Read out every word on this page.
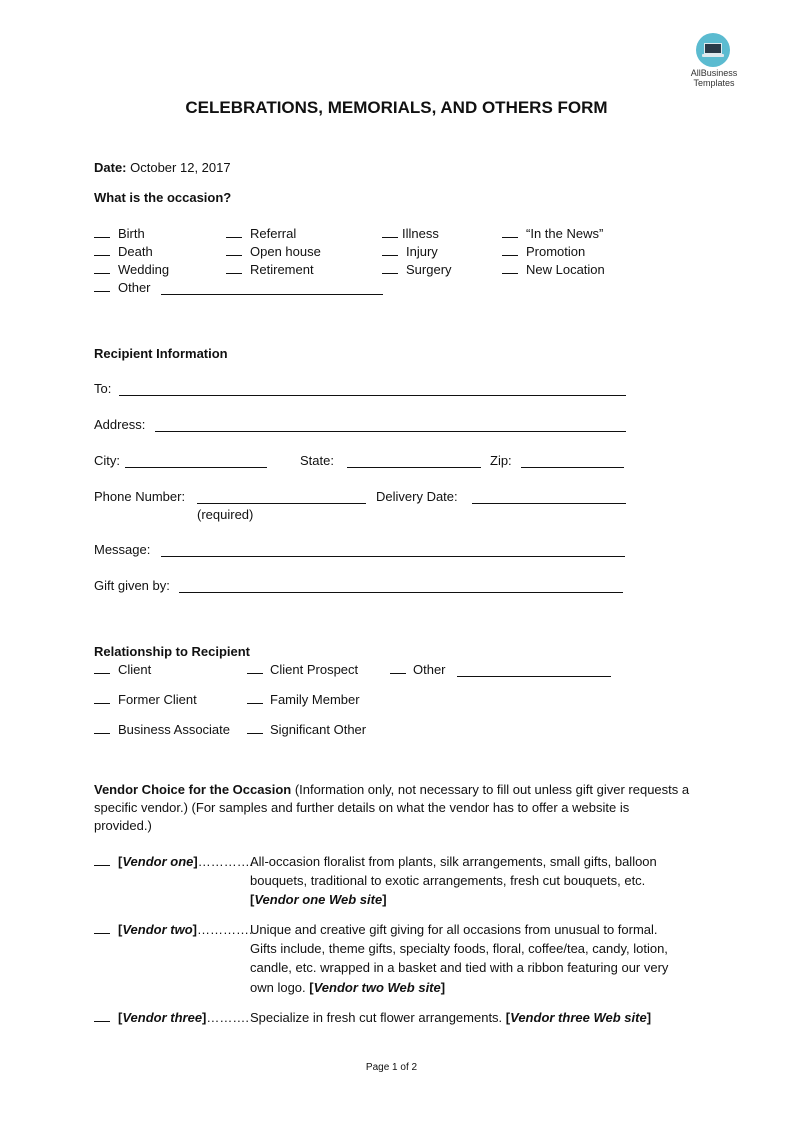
AllBusiness
Templates
CELEBRATIONS, MEMORIALS, AND OTHERS FORM
Date: October 12, 2017
What is the occasion?
Birth
Death
Wedding
Other
Referral
Open house
Retirement
Illness
Injury
Surgery
“In the News”
Promotion
New Location
Recipient Information
To:
Address:
City:	State:	Zip:
Phone Number:
(required)
Delivery Date:
Message:
Gift given by:
Relationship to Recipient
Client
Former Client
Business Associate
Client Prospect
Family Member
Significant Other
Other
Vendor Choice for the Occasion (Information only, not necessary to fill out unless gift giver requests a
specific vendor.) (For samples and further details on what the vendor has to offer a website is
provided.)
[Vendor one]………….
All-occasion floralist from plants, silk arrangements, small gifts, balloon
bouquets, traditional to exotic arrangements, fresh cut bouquets, etc.
[Vendor one Web site]
[Vendor two]………….
Unique and creative gift giving for all occasions from unusual to formal.
Gifts include, theme gifts, specialty foods, floral, coffee/tea, candy, lotion,
candle, etc. wrapped in a basket and tied with a ribbon featuring our very
own logo. [Vendor two Web site]
[Vendor three]………. Specialize in fresh cut flower arrangements. [Vendor three Web site]
Page 1 of 2
